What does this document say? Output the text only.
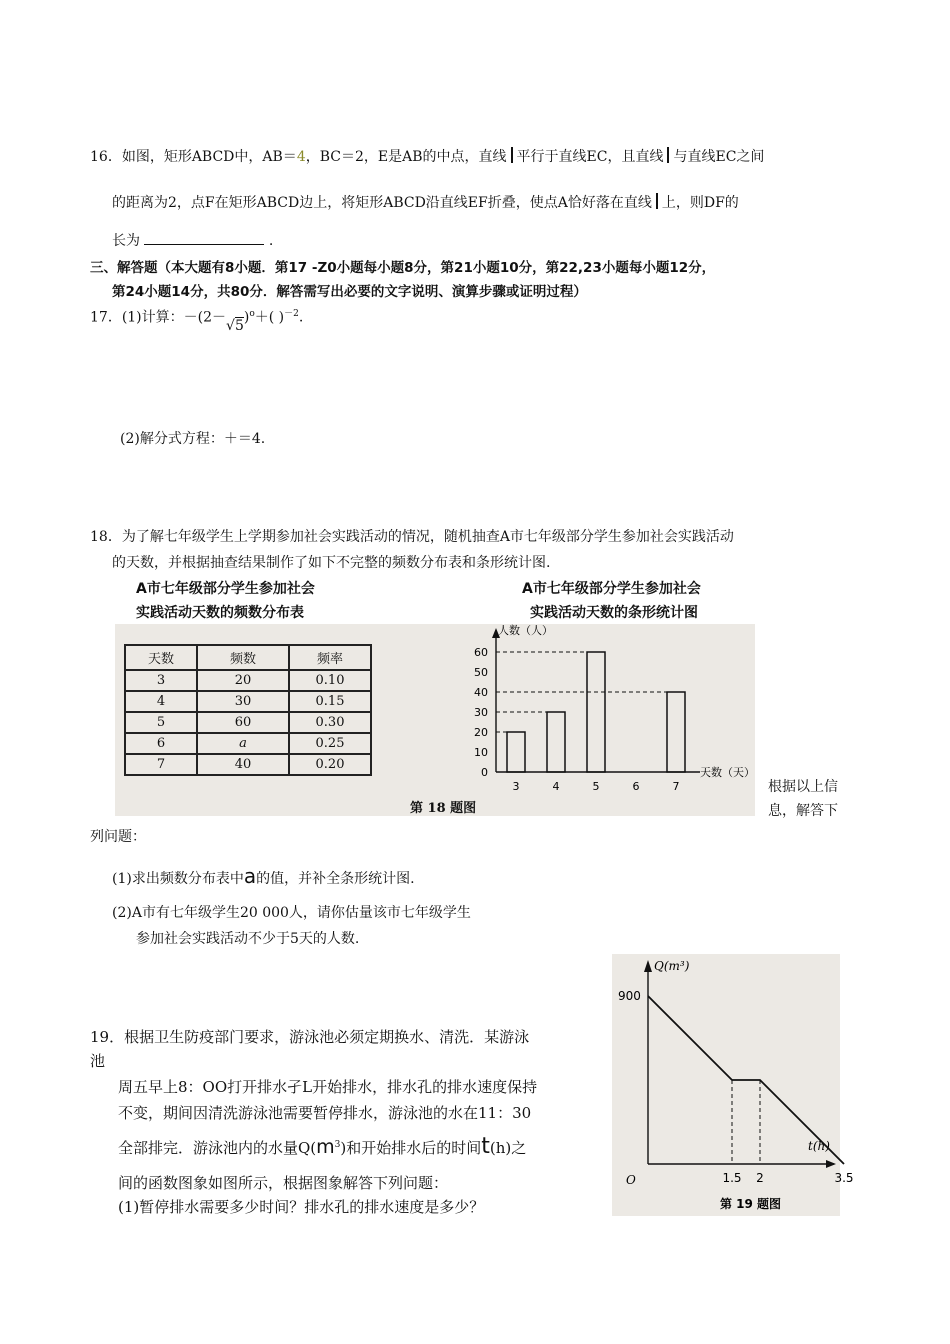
16．如图，矩形ABCD中，AB＝4，BC＝2，E是AB的中点，直线 平行于直线EC，且直线 与直线EC之间
的距离为2，点F在矩形ABCD边上，将矩形ABCD沿直线EF折叠，使点A恰好落在直线 上，则DF的
长为	.
三、解答题（本大题有8小题．第17 -Z0小题每小题8分，第21小题10分，第22,23小题每小题12分，
第24小题14分，共80分．解答需写出必要的文字说明、演算步骤或证明过程）
17．(1)计算：$-(2-√5)^o+$( )$^{-2}$.
(2)解分式方程：＋＝4.
18．为了解七年级学生上学期参加社会实践活动的情况，随机抽查A市七年级部分学生参加社会实践活动
的天数，并根据抽查结果制作了如下不完整的频数分布表和条形统计图.
A市七年级部分学生参加社会
实践活动天数的频数分布表
A市七年级部分学生参加社会
实践活动天数的条形统计图
天数	频数	频率
3	20	0.10
4	30	0.15
5	60	0.30
6	a	0.25
7	40	0.20
人数（人）
天数（天）
0
10
20
30
40
50
60
3	4	5	6	7
第 18 题图
根据以上信
息，解答下
列问题：
(1)求出频数分布表中a的值，并补全条形统计图.
(2)A市有七年级学生20 000人，请你估量该市七年级学生
参加社会实践活动不少于5天的人数.
19．根据卫生防疫部门要求，游泳池必须定期换水、清洗．某游泳
池
周五早上8：OO打开排水孑L开始排水，排水孔的排水速度保持
不变，期间因清洗游泳池需要暂停排水，游泳池的水在11：30
全部排完．游泳池内的水量$Q(m^3)$和开始排水后的时间t(h)之
间的函数图象如图所示，根据图象解答下列问题：
(1)暂停排水需要多少时间？排水孔的排水速度是多少？
Q(m³)
t(h)
O
900
1.5 2	3.5
第 19 题图
